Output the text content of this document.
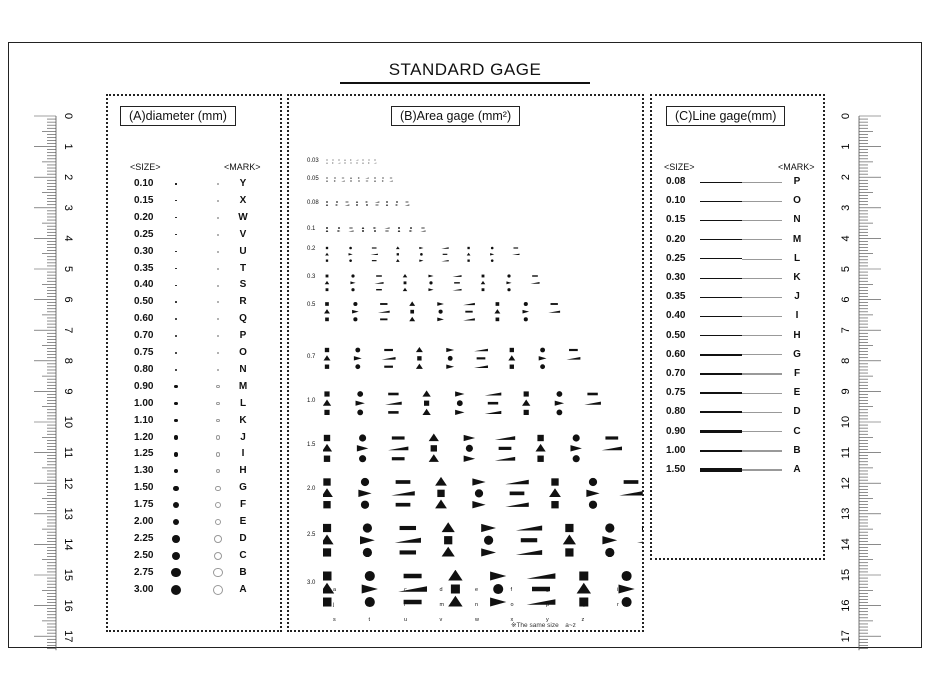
STANDARD GAGE
0
1
2
3
4
5
6
7
8
9
10
11
12
13
14
15
16
17
0
1
2
3
4
5
6
7
8
9
10
11
12
13
14
15
16
17
(A)diameter (mm)
<SIZE>	<MARK>
0.10	Y
0.15	X
0.20	W
0.25	V
0.30	U
0.35	T
0.40	S
0.50	R
0.60	Q
0.70	P
0.75	O
0.80	N
0.90	M
1.00	L
1.10	K
1.20	J
1.25	I
1.30	H
1.50	G
1.75	F
2.00	E
2.25	D
2.50	C
2.75	B
3.00	A
(B)Area gage (mm²)
0.03
0.05
0.08
0.1
0.2
0.3
0.5
0.7
1.0
1.5
2.0
2.5
3.0
a	b	c	d	e	f	g	h	i
j	k	l	m	n	o	p	q	r
s	t	u	v	w	x	y	z
※The same size　a~z
(C)Line gage(mm)
<SIZE>	<MARK>
0.08	P
0.10	O
0.15	N
0.20	M
0.25	L
0.30	K
0.35	J
0.40	I
0.50	H
0.60	G
0.70	F
0.75	E
0.80	D
0.90	C
1.00	B
1.50	A
